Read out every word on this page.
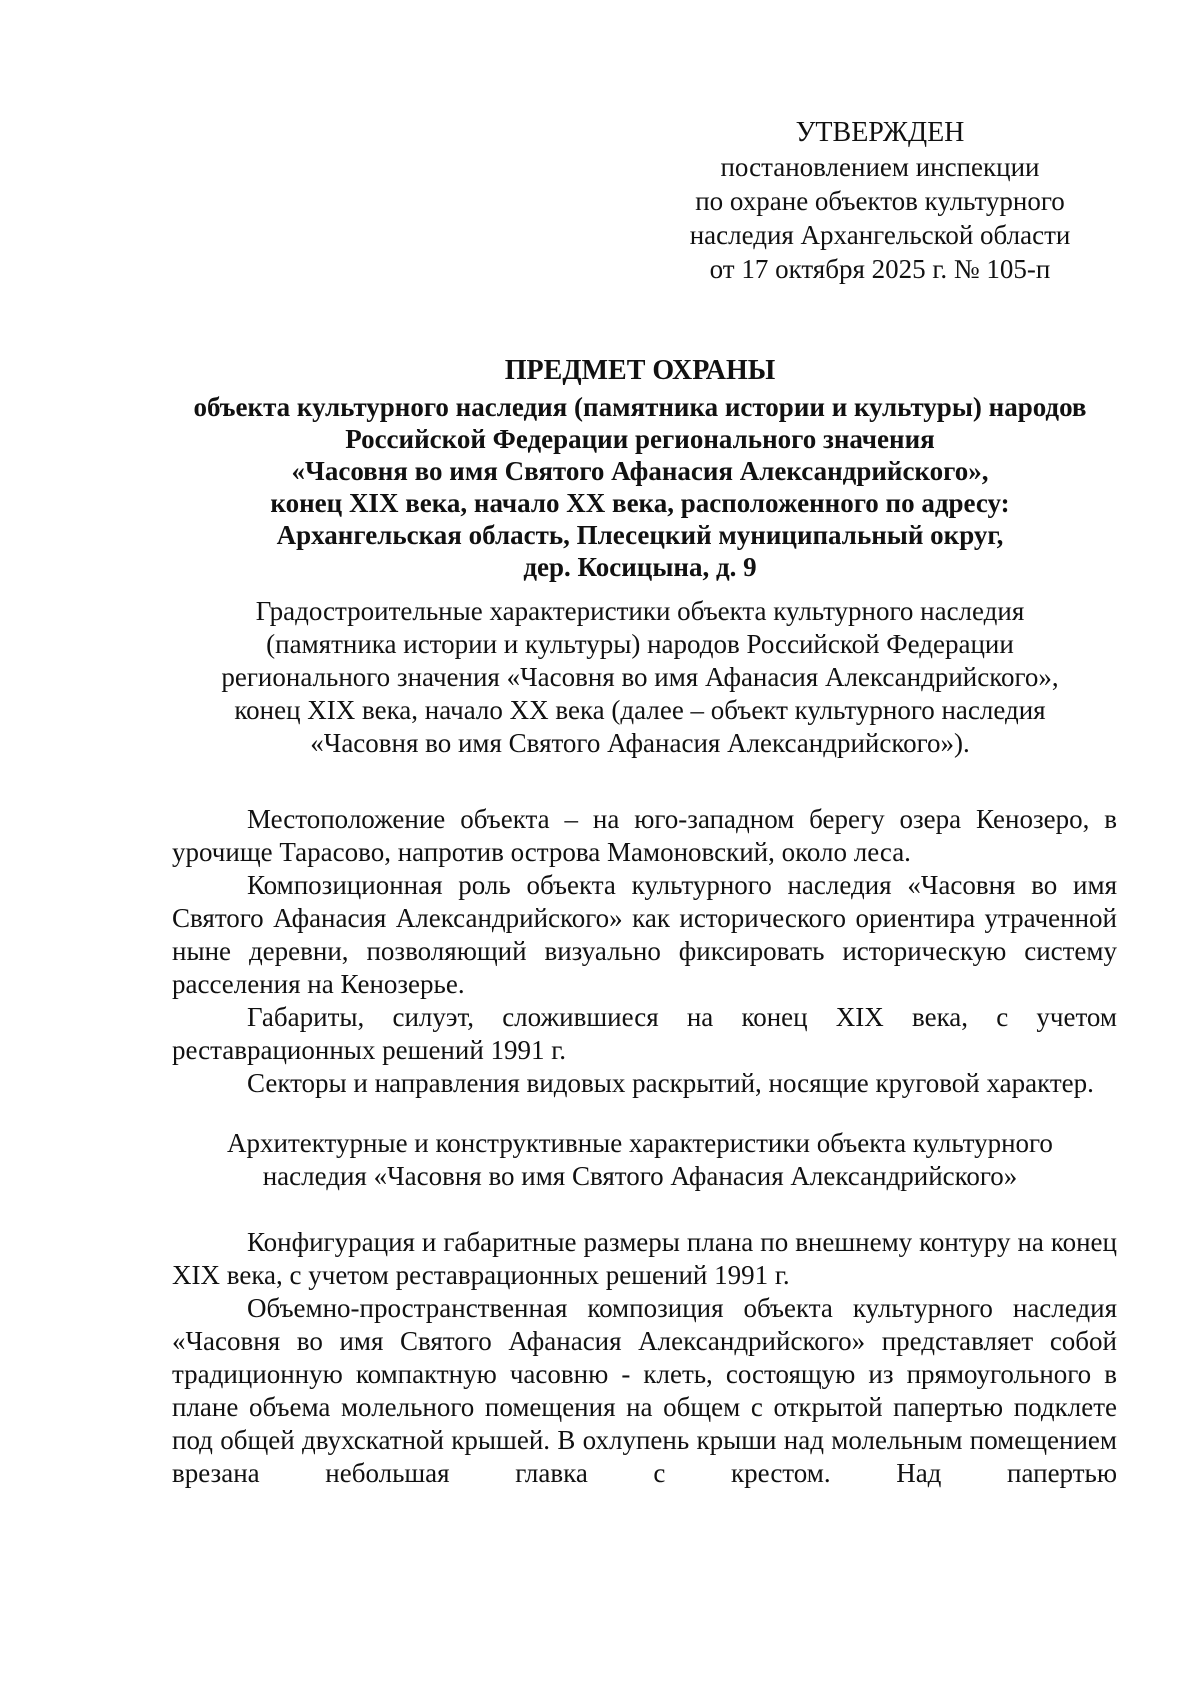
УТВЕРЖДЕН
постановлением инспекции
по охране объектов культурного
наследия Архангельской области
от 17 октября 2025 г. № 105-п
ПРЕДМЕТ ОХРАНЫ
объекта культурного наследия (памятника истории и культуры) народов
Российской Федерации регионального значения
«Часовня во имя Святого Афанасия Александрийского»,
конец XIX века, начало XX века, расположенного по адресу:
Архангельская область, Плесецкий муниципальный округ,
дер. Косицына, д. 9
Градостроительные характеристики объекта культурного наследия
(памятника истории и культуры) народов Российской Федерации
регионального значения «Часовня во имя Афанасия Александрийского»,
конец XIX века, начало XX века (далее – объект культурного наследия
«Часовня во имя Святого Афанасия Александрийского»).

Местоположение объекта – на юго-западном берегу озера Кенозеро, в урочище Тарасово, напротив острова Мамоновский, около леса.

Композиционная роль объекта культурного наследия «Часовня во имя Святого Афанасия Александрийского» как исторического ориентира утраченной ныне деревни, позволяющий визуально фиксировать историческую систему расселения на Кенозерье.

Габариты, силуэт, сложившиеся на конец XIX века, с учетом реставрационных решений 1991 г.

Секторы и направления видовых раскрытий, носящие круговой характер.

Архитектурные и конструктивные характеристики объекта культурного
наследия «Часовня во имя Святого Афанасия Александрийского»

Конфигурация и габаритные размеры плана по внешнему контуру на конец XIX века, с учетом реставрационных решений 1991 г.

Объемно-пространственная композиция объекта культурного наследия «Часовня во имя Святого Афанасия Александрийского» представляет собой традиционную компактную часовню - клеть, состоящую из прямоугольного в плане объема молельного помещения на общем с открытой папертью подклете под общей двухскатной крышей. В охлупень крыши над молельным помещением врезана небольшая главка с крестом. Над папертью
